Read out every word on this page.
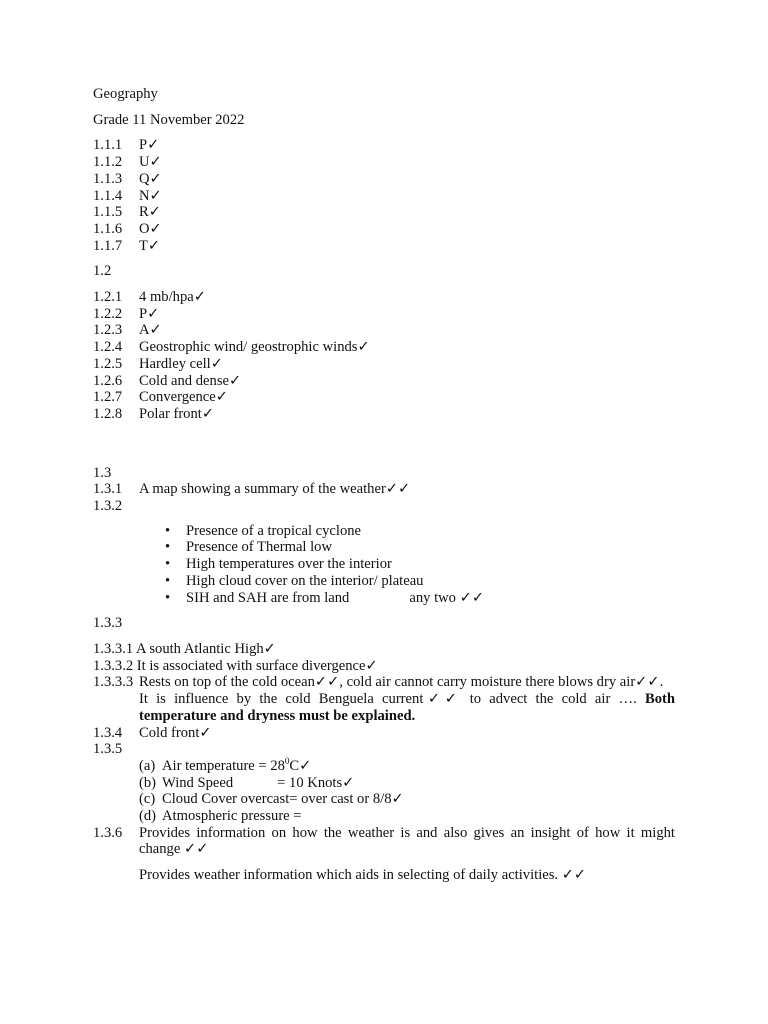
Geography
Grade 11 November 2022
1.1.1 P✓
1.1.2 U✓
1.1.3 Q✓
1.1.4 N✓
1.1.5 R✓
1.1.6 O✓
1.1.7 T✓
1.2
1.2.1 4 mb/hpa✓
1.2.2 P✓
1.2.3 A✓
1.2.4 Geostrophic wind/ geostrophic winds✓
1.2.5 Hardley cell✓
1.2.6 Cold and dense✓
1.2.7 Convergence✓
1.2.8 Polar front✓
1.3
1.3.1 A map showing a summary of the weather✓✓
1.3.2
• Presence of a tropical cyclone
• Presence of Thermal low
• High temperatures over the interior
• High cloud cover on the interior/ plateau
• SIH and SAH are from land	any two ✓✓
1.3.3
1.3.3.1 A south Atlantic High✓
1.3.3.2 It is associated with surface divergence✓
1.3.3.3 Rests on top of the cold ocean✓✓, cold air cannot carry moisture there blows dry air✓✓.
It is influence by the cold Benguela current✓✓ to advect the cold air …. Both temperature and dryness must be explained.
1.3.4 Cold front✓
1.3.5
(a) Air temperature = $28^0C✓$
(b) Wind Speed	= 10 Knots✓
(c) Cloud Cover overcast= over cast or 8/8✓
(d) Atmospheric pressure =
1.3.6	Provides information on how the weather is and also gives an insight of how it might change ✓✓
Provides weather information which aids in selecting of daily activities. ✓✓
